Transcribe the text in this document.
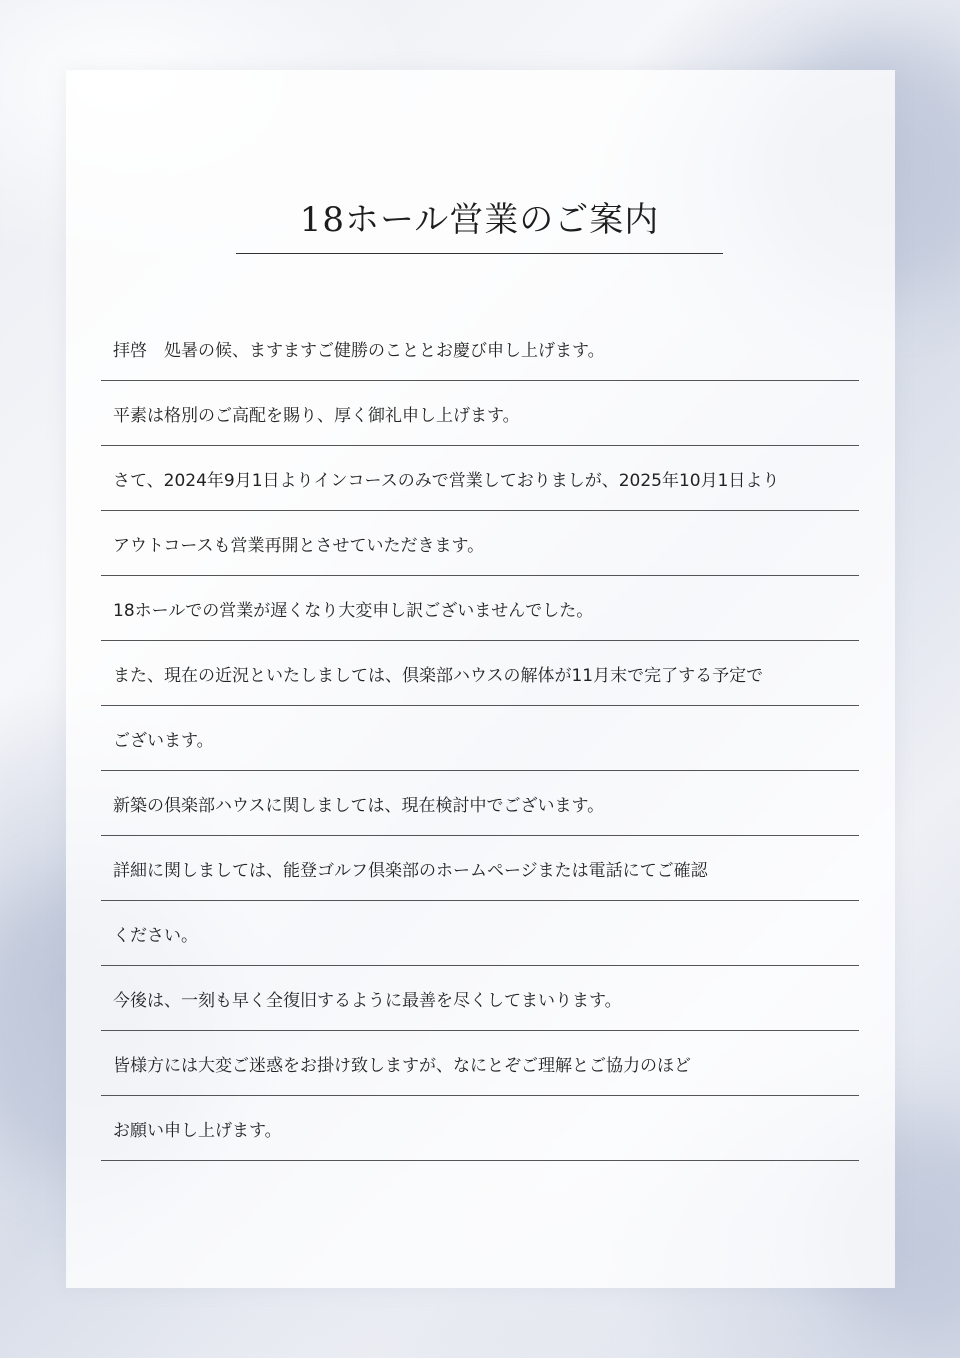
18ホール営業のご案内
拝啓　処暑の候、ますますご健勝のこととお慶び申し上げます。
平素は格別のご高配を賜り、厚く御礼申し上げます。
さて、2024年9月1日よりインコースのみで営業しておりましが、2025年10月1日より
アウトコースも営業再開とさせていただきます。
18ホールでの営業が遅くなり大変申し訳ございませんでした。
また、現在の近況といたしましては、倶楽部ハウスの解体が11月末で完了する予定で
ございます。
新築の倶楽部ハウスに関しましては、現在検討中でございます。
詳細に関しましては、能登ゴルフ倶楽部のホームページまたは電話にてご確認
ください。
今後は、一刻も早く全復旧するように最善を尽くしてまいります。
皆様方には大変ご迷惑をお掛け致しますが、なにとぞご理解とご協力のほど
お願い申し上げます。
